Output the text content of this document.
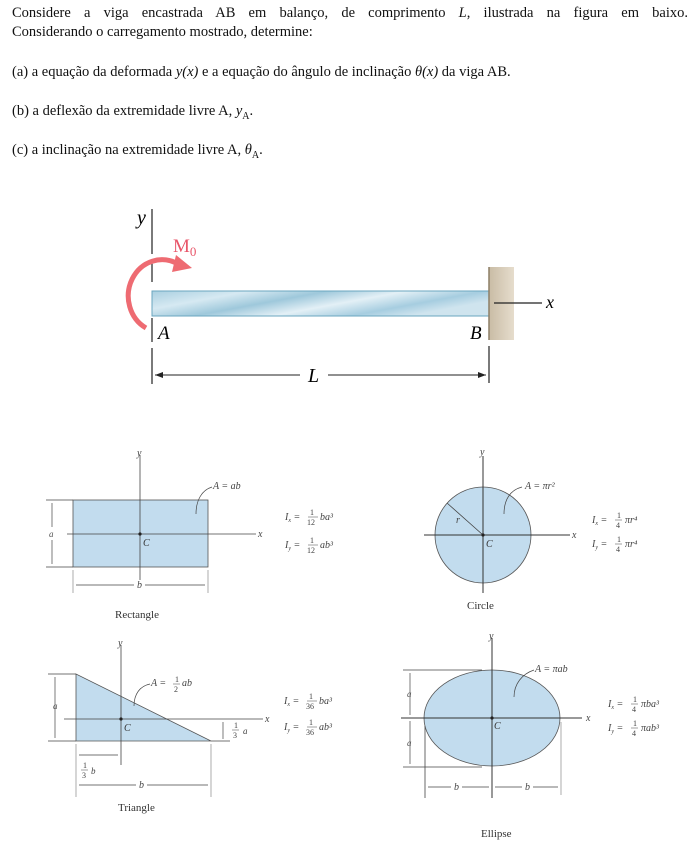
Considere a viga encastrada AB em balanço, de comprimento L, ilustrada na figura em baixo.
Considerando o carregamento mostrado, determine:
(a) a equação da deformada y(x) e a equação do ângulo de inclinação θ(x) da viga AB.
(b) a deflexão da extremidade livre A, $y_A$.
(c) a inclinação na extremidade livre A, $\theta_A$.
y
x
$M_0$
A	B
L
y
x
C
a
b
A = ab
$I_x = 1$
12 ba³
$I_y = 1$
12 ab³
y
x
C
r
A = πr²
$I_x = 1$
4 πr⁴
$I_y = 1$
4 πr⁴
y
x
C
a
1
3 a
1
3 b
b
A = 1
2
ab
$I_x = 1$
36 ba³
$I_y = 1$
36 ab³
y
x
C
a
a
b	b
A = πab
$I_x = 1$
4 πba³
$I_y = 1$
4 πab³
Rectangle
Circle
Triangle
Ellipse
